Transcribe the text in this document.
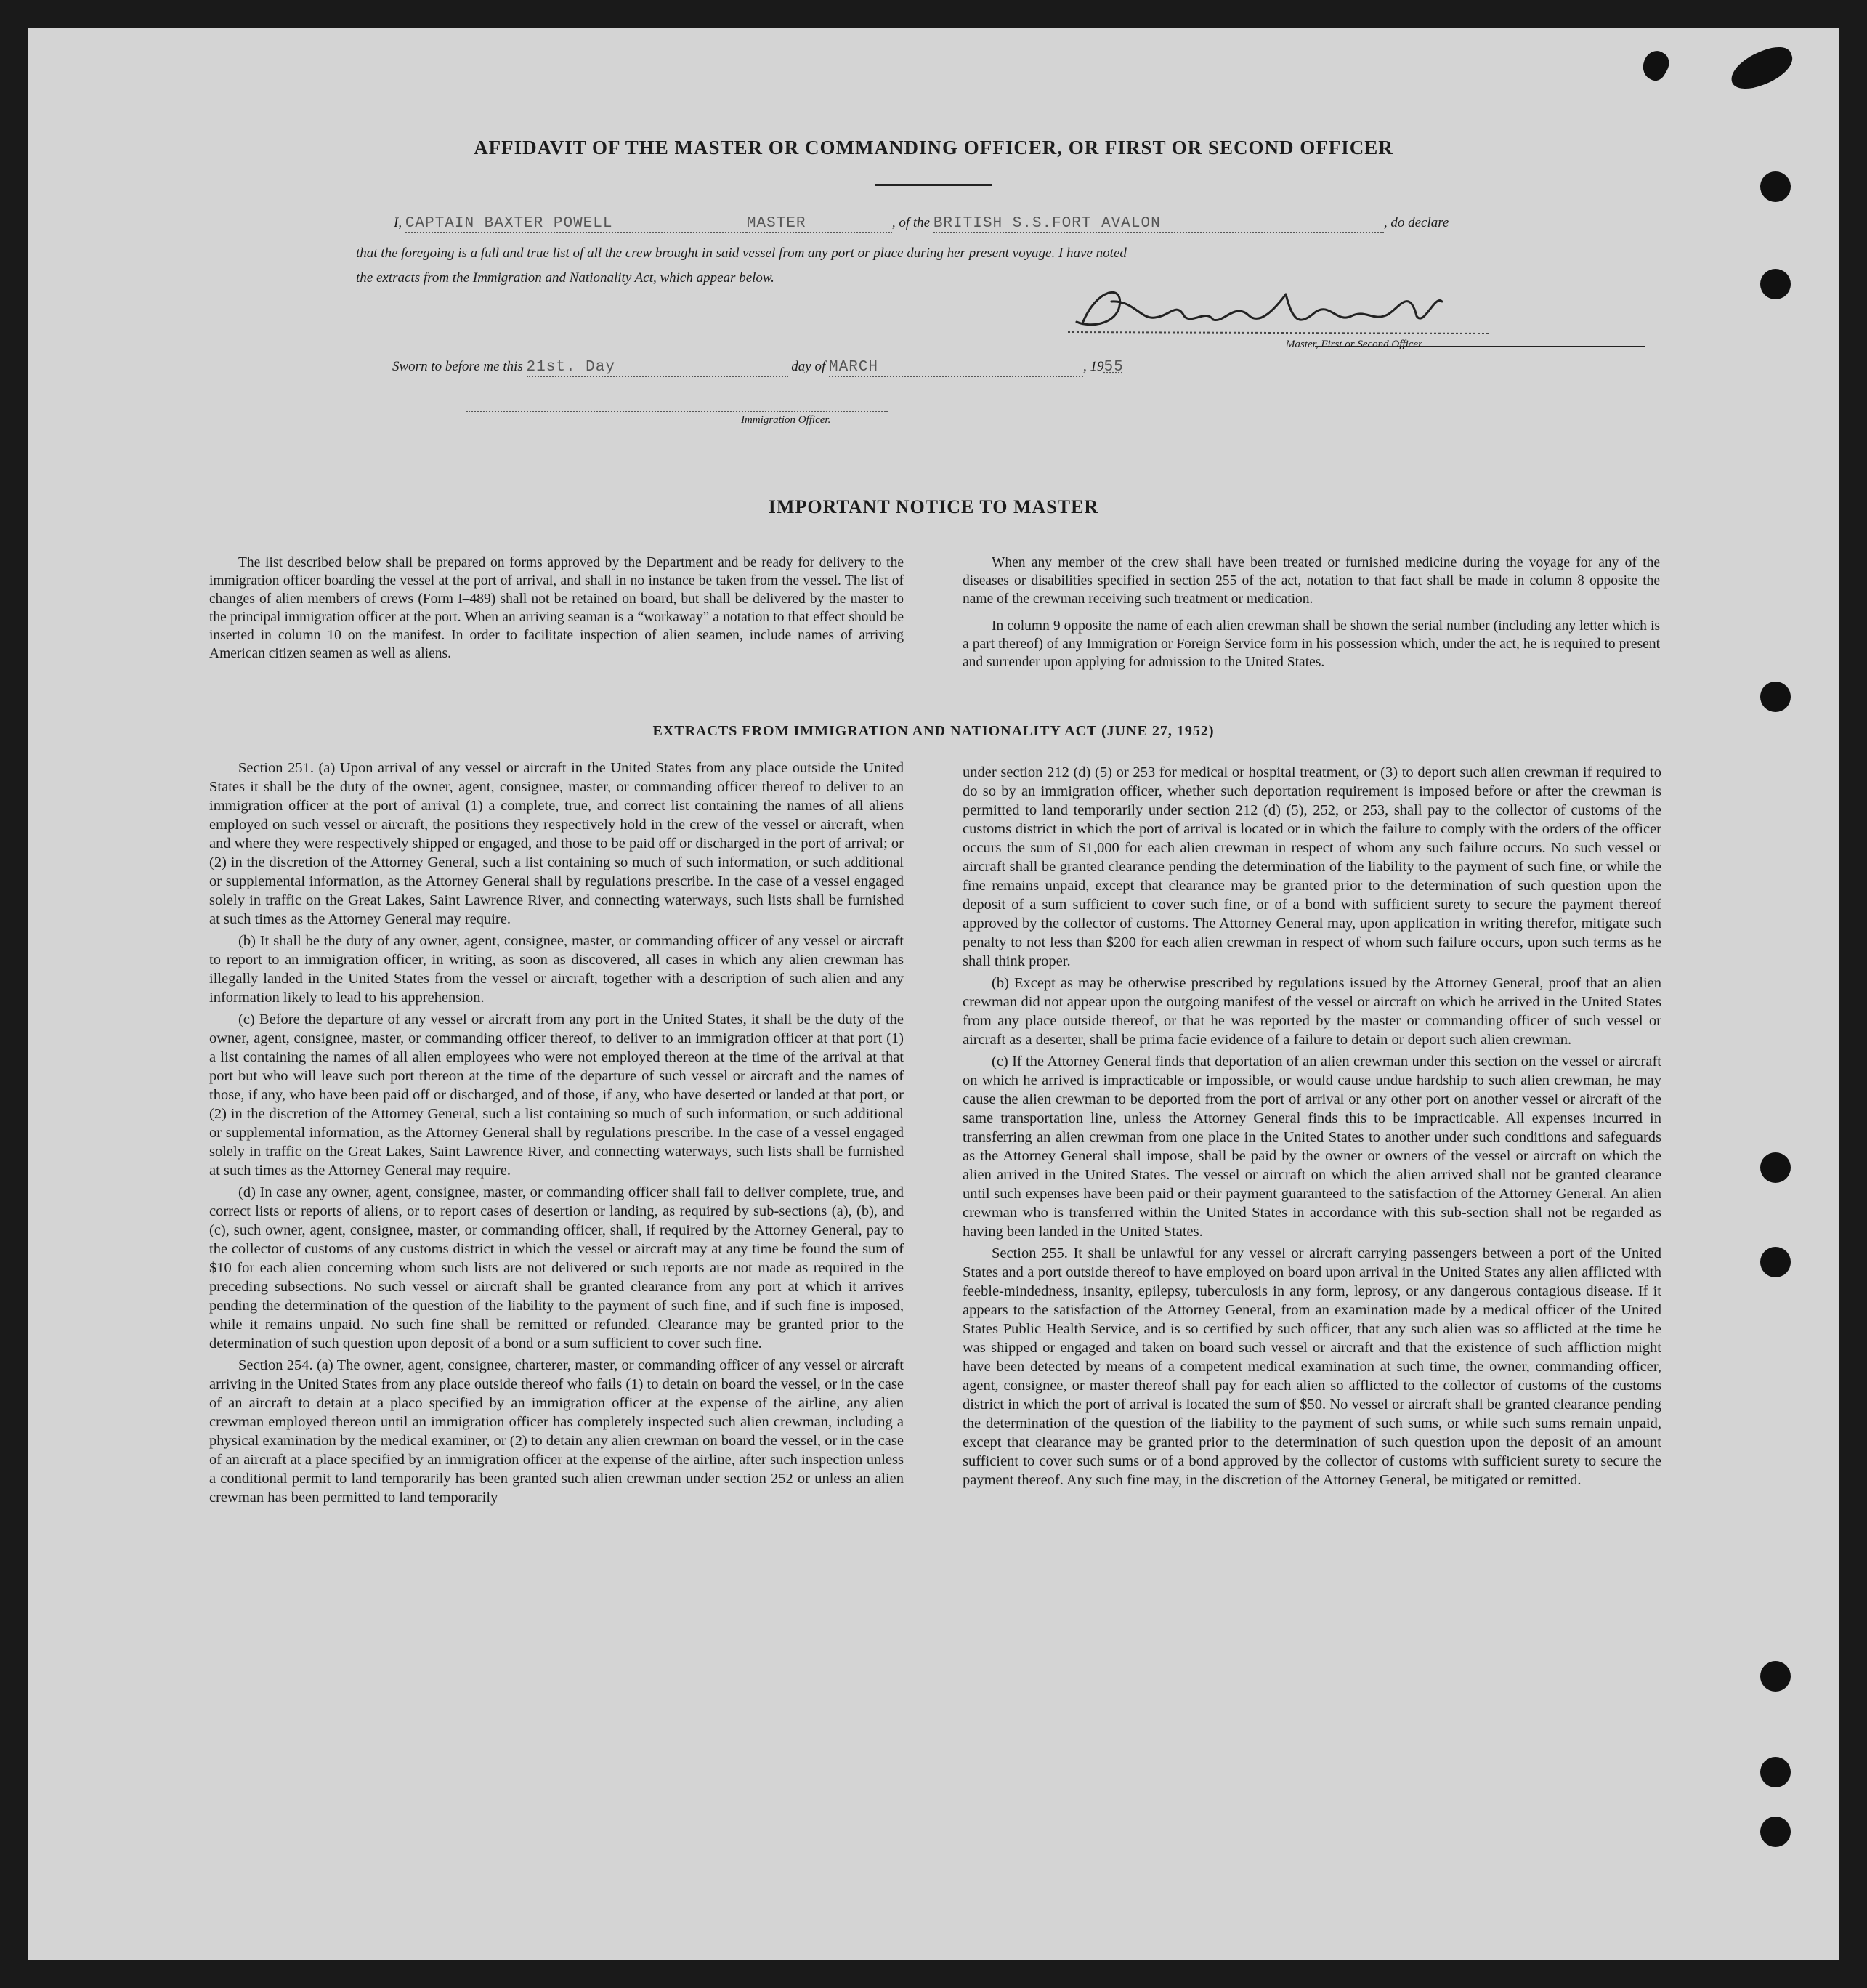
AFFIDAVIT OF THE MASTER OR COMMANDING OFFICER, OR FIRST OR SECOND OFFICER
I, CAPTAIN BAXTER POWELL	MASTER	, of the BRITISH S.S.FORT AVALON	, do declare
that the foregoing is a full and true list of all the crew brought in said vessel from any port or place during her present voyage. I have noted
the extracts from the Immigration and Nationality Act, which appear below.
Master, First or Second Officer.
Sworn to before me this 21st. Day	day of MARCH	, 1955
Immigration Officer.
IMPORTANT NOTICE TO MASTER

The list described below shall be prepared on forms approved by the Department and be ready for delivery to the immigration officer boarding the vessel at the port of arrival, and shall in no instance be taken from the vessel. The list of changes of alien members of crews (Form I–489) shall not be retained on board, but shall be delivered by the master to the principal immigration officer at the port. When an arriving seaman is a “workaway” a notation to that effect should be inserted in column 10 on the manifest. In order to facilitate inspection of alien seamen, include names of arriving American citizen seamen as well as aliens.

When any member of the crew shall have been treated or furnished medicine during the voyage for any of the diseases or disabilities specified in section 255 of the act, notation to that fact shall be made in column 8 opposite the name of the crewman receiving such treatment or medication.

In column 9 opposite the name of each alien crewman shall be shown the serial number (including any letter which is a part thereof) of any Immigration or Foreign Service form in his possession which, under the act, he is required to present and surrender upon applying for admission to the United States.

EXTRACTS FROM IMMIGRATION AND NATIONALITY ACT (JUNE 27, 1952)

Section 251. (a) Upon arrival of any vessel or aircraft in the United States from any place outside the United States it shall be the duty of the owner, agent, consignee, master, or commanding officer thereof to deliver to an immigration officer at the port of arrival (1) a complete, true, and correct list containing the names of all aliens employed on such vessel or aircraft, the positions they respectively hold in the crew of the vessel or aircraft, when and where they were respectively shipped or engaged, and those to be paid off or discharged in the port of arrival; or (2) in the discretion of the Attorney General, such a list containing so much of such information, or such additional or supplemental information, as the Attorney General shall by regulations prescribe. In the case of a vessel engaged solely in traffic on the Great Lakes, Saint Lawrence River, and connecting waterways, such lists shall be furnished at such times as the Attorney General may require.

(b) It shall be the duty of any owner, agent, consignee, master, or commanding officer of any vessel or aircraft to report to an immigration officer, in writing, as soon as discovered, all cases in which any alien crewman has illegally landed in the United States from the vessel or aircraft, together with a description of such alien and any information likely to lead to his apprehension.

(c) Before the departure of any vessel or aircraft from any port in the United States, it shall be the duty of the owner, agent, consignee, master, or commanding officer thereof, to deliver to an immigration officer at that port (1) a list containing the names of all alien employees who were not employed thereon at the time of the arrival at that port but who will leave such port thereon at the time of the departure of such vessel or aircraft and the names of those, if any, who have been paid off or discharged, and of those, if any, who have deserted or landed at that port, or (2) in the discretion of the Attorney General, such a list containing so much of such information, or such additional or supplemental information, as the Attorney General shall by regulations prescribe. In the case of a vessel engaged solely in traffic on the Great Lakes, Saint Lawrence River, and connecting waterways, such lists shall be furnished at such times as the Attorney General may require.

(d) In case any owner, agent, consignee, master, or commanding officer shall fail to deliver complete, true, and correct lists or reports of aliens, or to report cases of desertion or landing, as required by sub-sections (a), (b), and (c), such owner, agent, consignee, master, or commanding officer, shall, if required by the Attorney General, pay to the collector of customs of any customs district in which the vessel or aircraft may at any time be found the sum of $10 for each alien concerning whom such lists are not delivered or such reports are not made as required in the preceding subsections. No such vessel or aircraft shall be granted clearance from any port at which it arrives pending the determination of the question of the liability to the payment of such fine, and if such fine is imposed, while it remains unpaid. No such fine shall be remitted or refunded. Clearance may be granted prior to the determination of such question upon deposit of a bond or a sum sufficient to cover such fine.

Section 254. (a) The owner, agent, consignee, charterer, master, or commanding officer of any vessel or aircraft arriving in the United States from any place outside thereof who fails (1) to detain on board the vessel, or in the case of an aircraft to detain at a placo specified by an immigration officer at the expense of the airline, any alien crewman employed thereon until an immigration officer has completely inspected such alien crewman, including a physical examination by the medical examiner, or (2) to detain any alien crewman on board the vessel, or in the case of an aircraft at a place specified by an immigration officer at the expense of the airline, after such inspection unless a conditional permit to land temporarily has been granted such alien crewman under section 252 or unless an alien crewman has been permitted to land temporarily

under section 212 (d) (5) or 253 for medical or hospital treatment, or (3) to deport such alien crewman if required to do so by an immigration officer, whether such deportation requirement is imposed before or after the crewman is permitted to land temporarily under section 212 (d) (5), 252, or 253, shall pay to the collector of customs of the customs district in which the port of arrival is located or in which the failure to comply with the orders of the officer occurs the sum of $1,000 for each alien crewman in respect of whom any such failure occurs. No such vessel or aircraft shall be granted clearance pending the determination of the liability to the payment of such fine, or while the fine remains unpaid, except that clearance may be granted prior to the determination of such question upon the deposit of a sum sufficient to cover such fine, or of a bond with sufficient surety to secure the payment thereof approved by the collector of customs. The Attorney General may, upon application in writing therefor, mitigate such penalty to not less than $200 for each alien crewman in respect of whom such failure occurs, upon such terms as he shall think proper.

(b) Except as may be otherwise prescribed by regulations issued by the Attorney General, proof that an alien crewman did not appear upon the outgoing manifest of the vessel or aircraft on which he arrived in the United States from any place outside thereof, or that he was reported by the master or commanding officer of such vessel or aircraft as a deserter, shall be prima facie evidence of a failure to detain or deport such alien crewman.

(c) If the Attorney General finds that deportation of an alien crewman under this section on the vessel or aircraft on which he arrived is impracticable or impossible, or would cause undue hardship to such alien crewman, he may cause the alien crewman to be deported from the port of arrival or any other port on another vessel or aircraft of the same transportation line, unless the Attorney General finds this to be impracticable. All expenses incurred in transferring an alien crewman from one place in the United States to another under such conditions and safeguards as the Attorney General shall impose, shall be paid by the owner or owners of the vessel or aircraft on which the alien arrived in the United States. The vessel or aircraft on which the alien arrived shall not be granted clearance until such expenses have been paid or their payment guaranteed to the satisfaction of the Attorney General. An alien crewman who is transferred within the United States in accordance with this sub-section shall not be regarded as having been landed in the United States.

Section 255. It shall be unlawful for any vessel or aircraft carrying passengers between a port of the United States and a port outside thereof to have employed on board upon arrival in the United States any alien afflicted with feeble-mindedness, insanity, epilepsy, tuberculosis in any form, leprosy, or any dangerous contagious disease. If it appears to the satisfaction of the Attorney General, from an examination made by a medical officer of the United States Public Health Service, and is so certified by such officer, that any such alien was so afflicted at the time he was shipped or engaged and taken on board such vessel or aircraft and that the existence of such affliction might have been detected by means of a competent medical examination at such time, the owner, commanding officer, agent, consignee, or master thereof shall pay for each alien so afflicted to the collector of customs of the customs district in which the port of arrival is located the sum of $50. No vessel or aircraft shall be granted clearance pending the determination of the question of the liability to the payment of such sums, or while such sums remain unpaid, except that clearance may be granted prior to the determination of such question upon the deposit of an amount sufficient to cover such sums or of a bond approved by the collector of customs with sufficient surety to secure the payment thereof. Any such fine may, in the discretion of the Attorney General, be mitigated or remitted.
